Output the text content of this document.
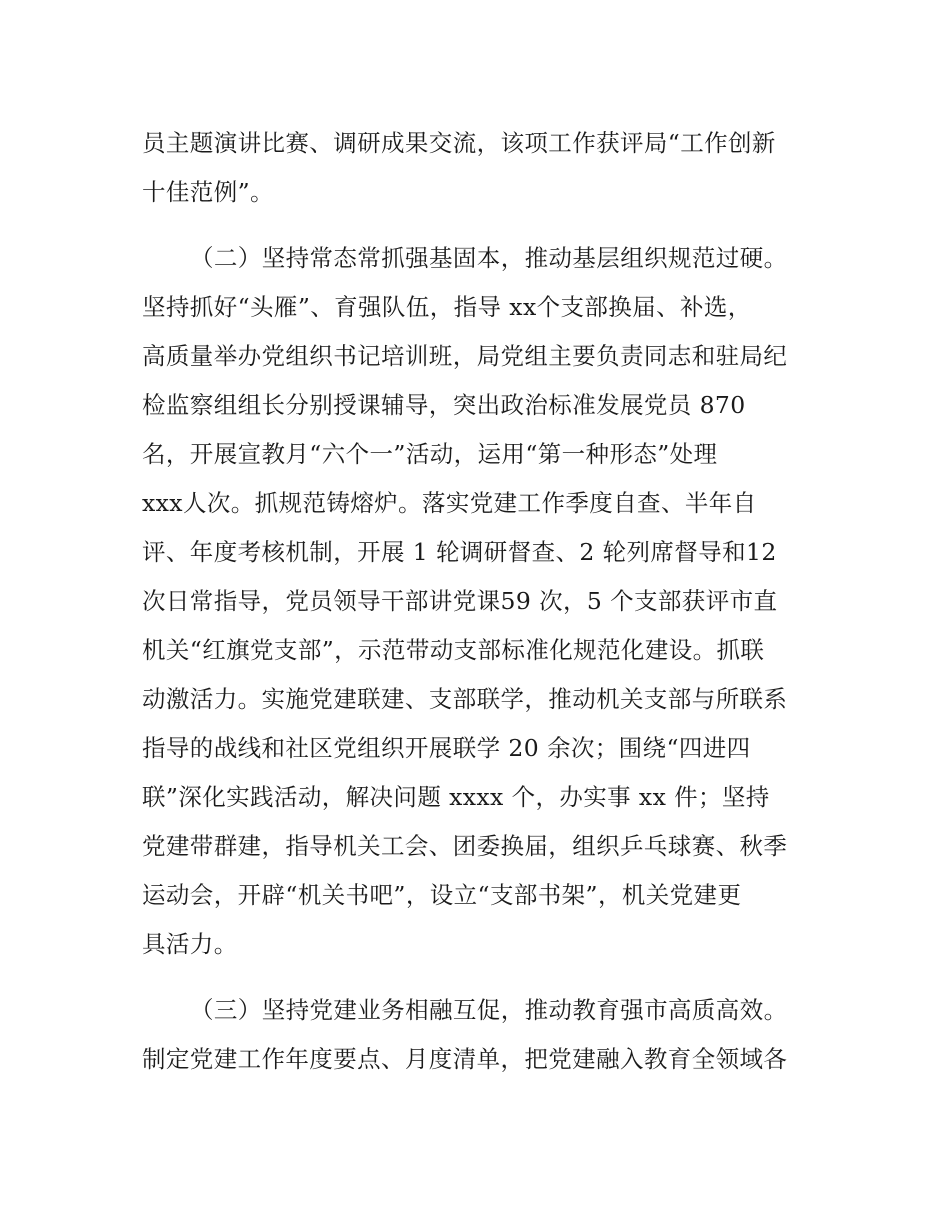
员主题演讲比赛、调研成果交流，该项工作获评局“工作创新
十佳范例”。
（二）坚持常态常抓强基固本，推动基层组织规范过硬。
坚持抓好“头雁”、育强队伍，指导 xx个支部换届、补选，
高质量举办党组织书记培训班，局党组主要负责同志和驻局纪
检监察组组长分别授课辅导，突出政治标准发展党员 870
名，开展宣教月“六个一”活动，运用“第一种形态”处理
xxx人次。抓规范铸熔炉。落实党建工作季度自查、半年自
评、年度考核机制，开展 1 轮调研督查、2 轮列席督导和12
次日常指导，党员领导干部讲党课59 次，5 个支部获评市直
机关“红旗党支部”，示范带动支部标准化规范化建设。抓联
动激活力。实施党建联建、支部联学，推动机关支部与所联系
指导的战线和社区党组织开展联学 20 余次；围绕“四进四
联”深化实践活动，解决问题 xxxx 个，办实事 xx 件；坚持
党建带群建，指导机关工会、团委换届，组织乒乓球赛、秋季
运动会，开辟“机关书吧”，设立“支部书架”，机关党建更
具活力。
（三）坚持党建业务相融互促，推动教育强市高质高效。
制定党建工作年度要点、月度清单，把党建融入教育全领域各
